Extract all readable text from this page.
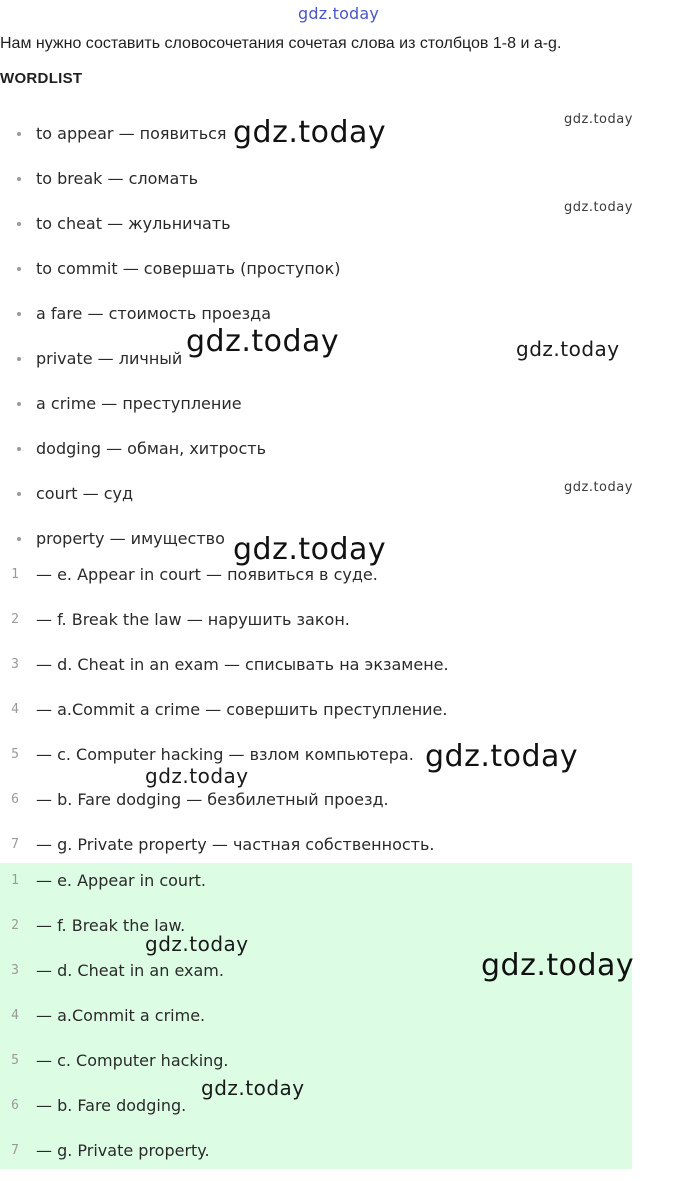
gdz.today
Нам нужно составить словосочетания сочетая слова из столбцов 1-8 и a-g.
WORDLIST
to appear — появиться
to break — сломать
to cheat — жульничать
to commit — совершать (проступок)
a fare — стоимость проезда
private — личный
a crime — преступление
dodging — обман, хитрость
court — суд
property — имущество
1	— e. Appear in court — появиться в суде.
2	— f. Break the law — нарушить закон.
3	— d. Cheat in an exam — списывать на экзамене.
4	— a.Commit a crime — совершить преступление.
5	— c. Computer hacking — взлом компьютера.
6	— b. Fare dodging — безбилетный проезд.
7	— g. Private property — частная собственность.
1	— e. Appear in court.
2	— f. Break the law.
3	— d. Cheat in an exam.
4	— a.Commit a crime.
5	— c. Computer hacking.
6	— b. Fare dodging.
7	— g. Private property.
gdz.today
gdz.today
gdz.today
gdz.today	gdz.today
gdz.today
gdz.today
gdz.today
gdz.today
gdz.today
gdz.today
gdz.today
